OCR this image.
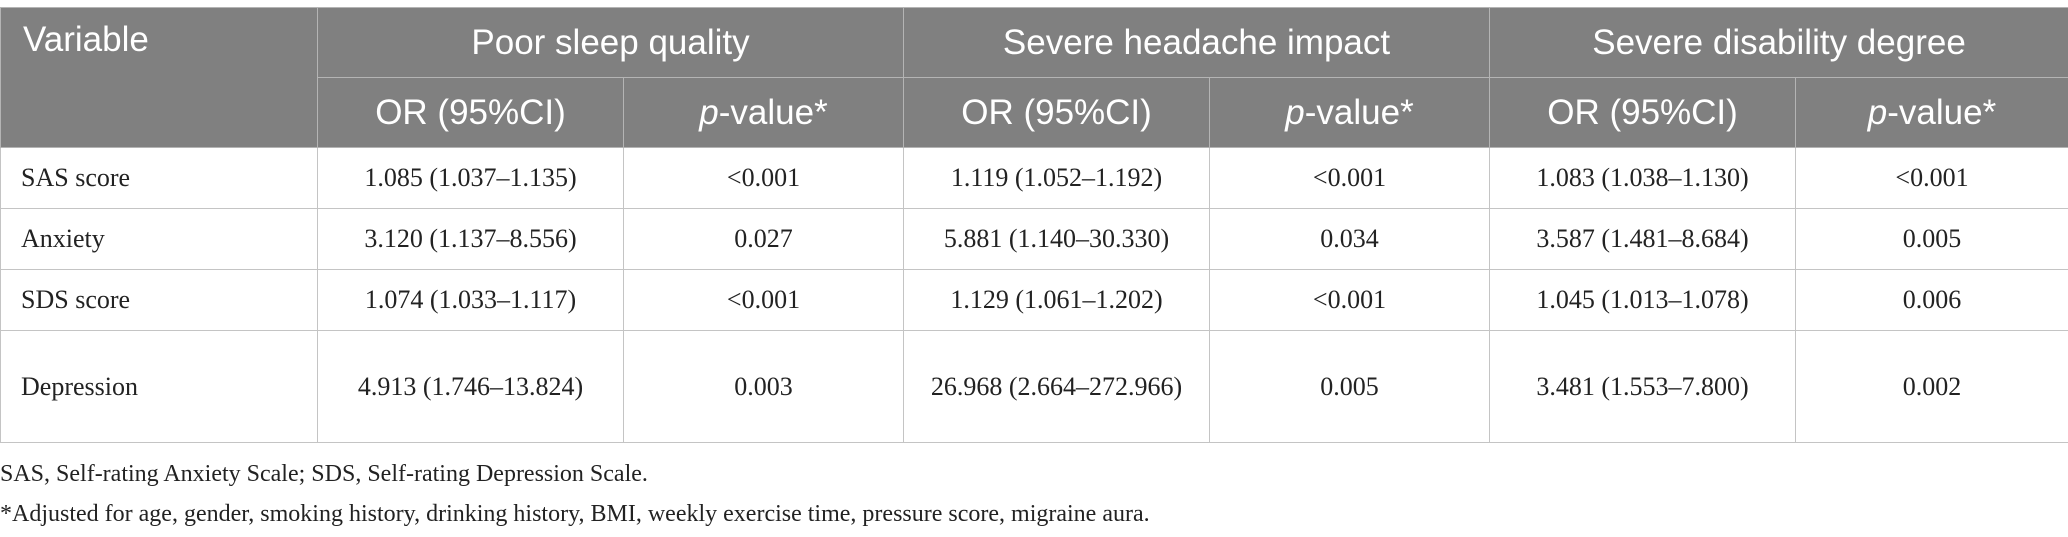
Variable	Poor sleep quality		Severe headache impact		Severe disability degree	
	OR (95%CI)	p-value*	OR (95%CI)	p-value*	OR (95%CI)	p-value*
SAS score	1.085 (1.037–1.135)	<0.001	1.119 (1.052–1.192)	<0.001	1.083 (1.038–1.130)	<0.001
Anxiety	3.120 (1.137–8.556)	0.027	5.881 (1.140–30.330)	0.034	3.587 (1.481–8.684)	0.005
SDS score	1.074 (1.033–1.117)	<0.001	1.129 (1.061–1.202)	<0.001	1.045 (1.013–1.078)	0.006
Depression	4.913 (1.746–13.824)	0.003	26.968 (2.664–272.966)	0.005	3.481 (1.553–7.800)	0.002

SAS, Self-rating Anxiety Scale; SDS, Self-rating Depression Scale.

*Adjusted for age, gender, smoking history, drinking history, BMI, weekly exercise time, pressure score, migraine aura.
